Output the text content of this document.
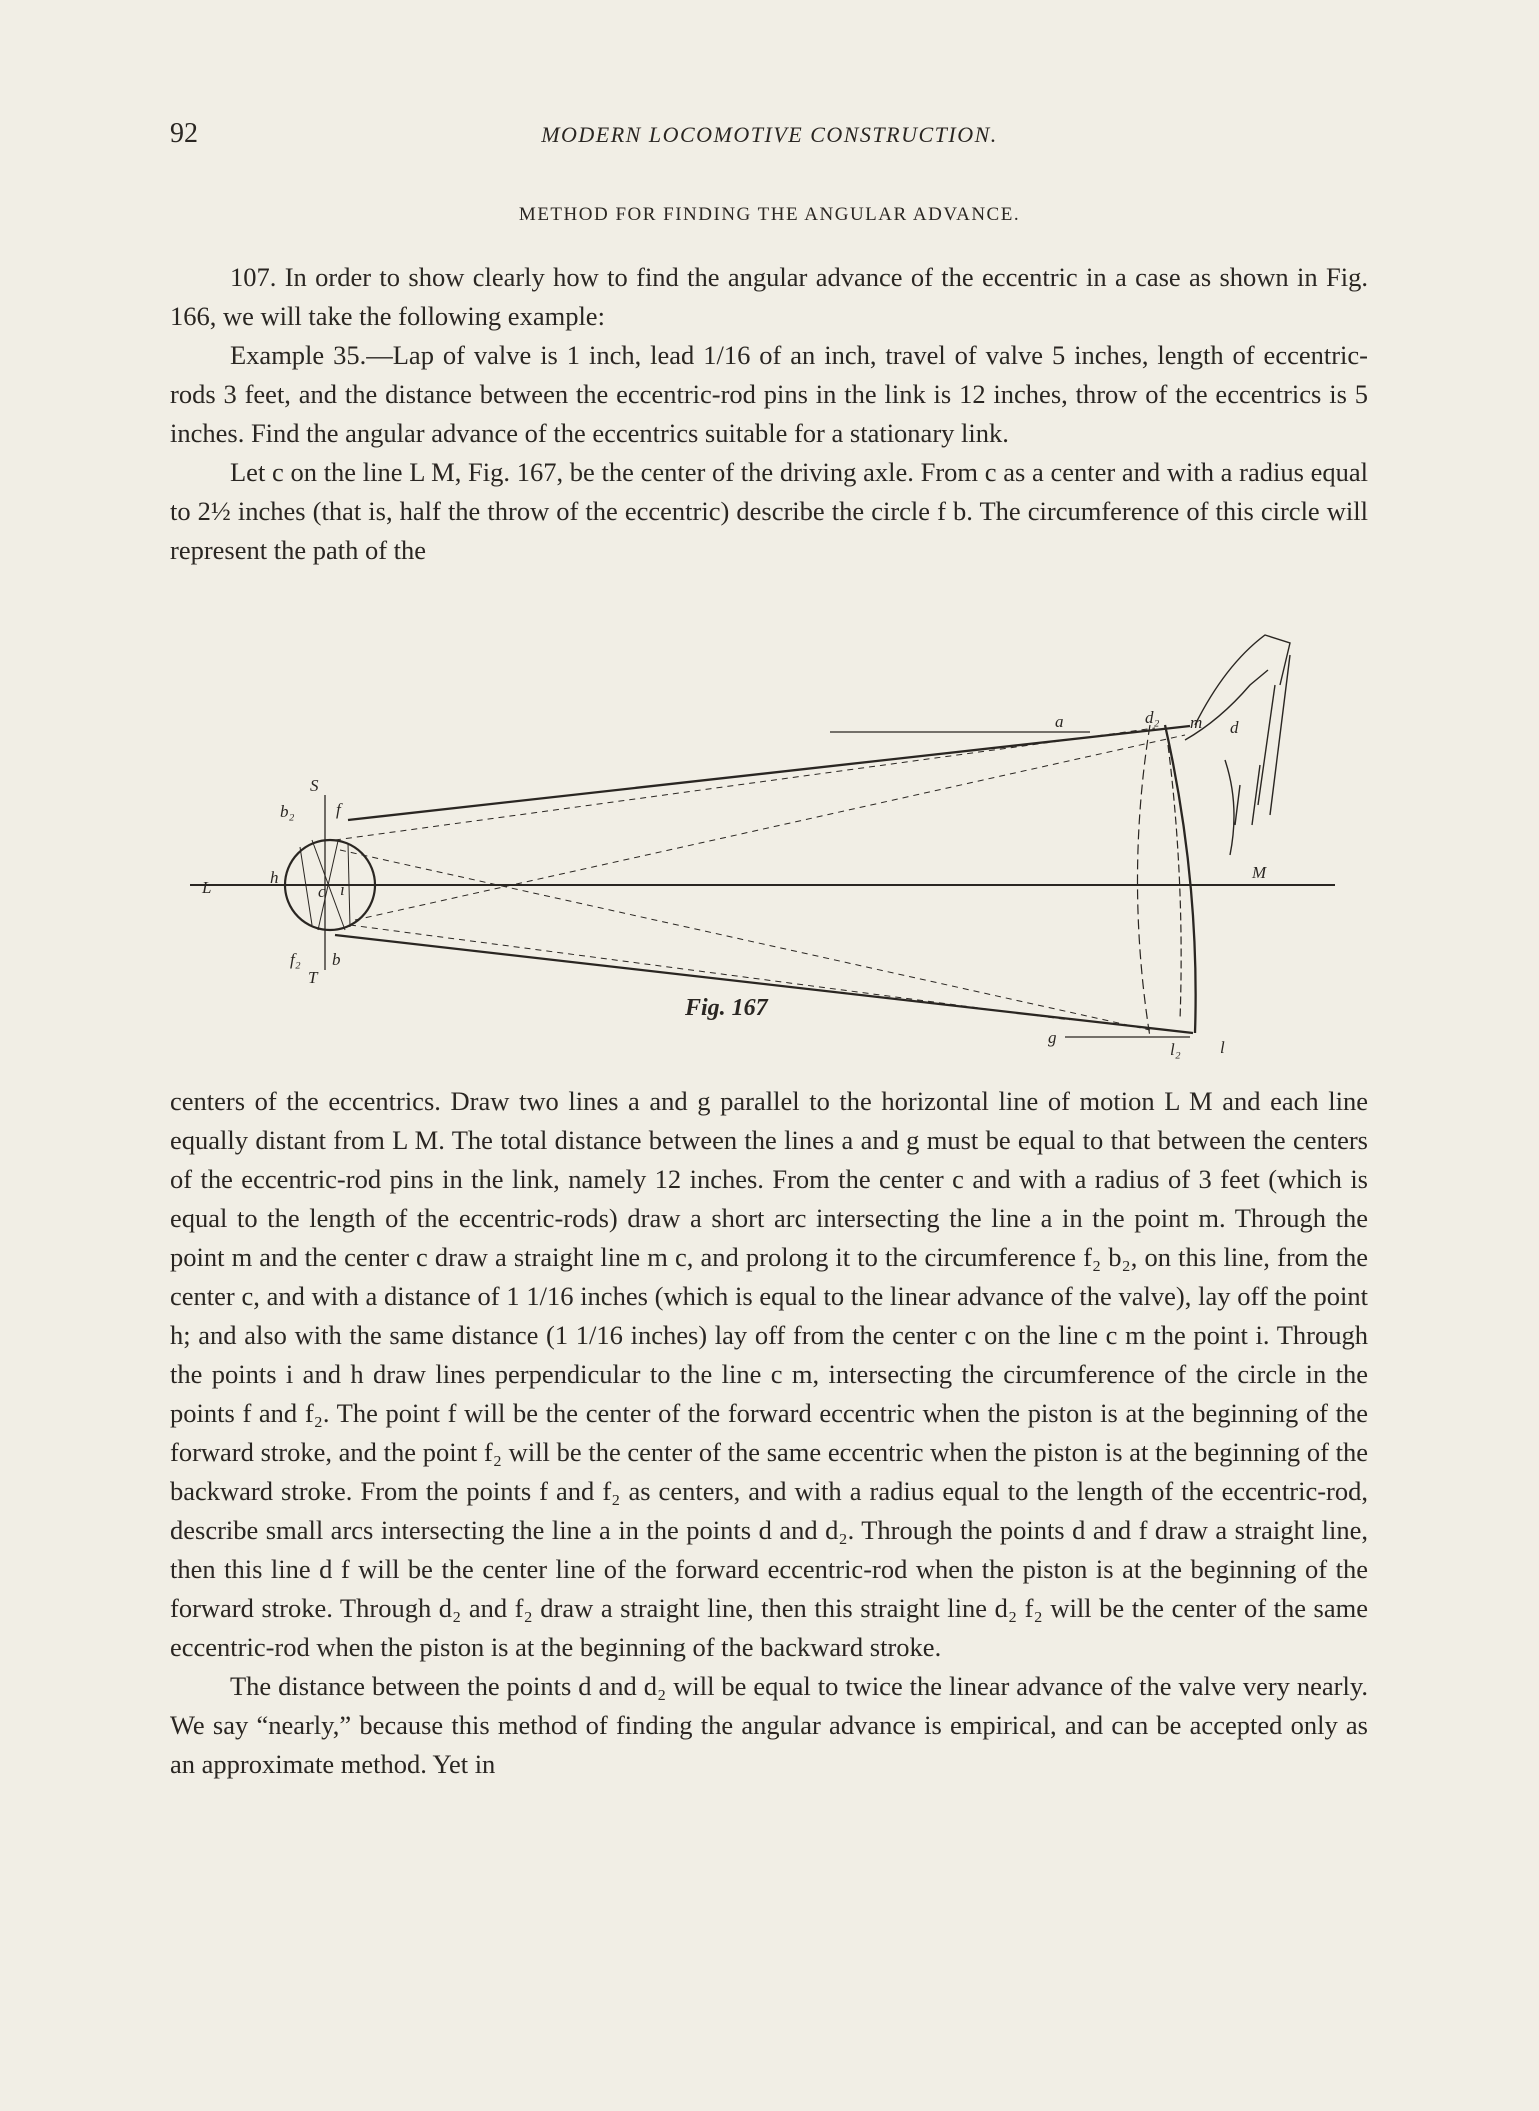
92	MODERN LOCOMOTIVE CONSTRUCTION.
METHOD FOR FINDING THE ANGULAR ADVANCE.

107. In order to show clearly how to find the angular advance of the eccentric in a case as shown in Fig. 166, we will take the following example:

Example 35.—Lap of valve is 1 inch, lead 1/16 of an inch, travel of valve 5 inches, length of eccentric-rods 3 feet, and the distance between the eccentric-rod pins in the link is 12 inches, throw of the eccentrics is 5 inches. Find the angular advance of the eccentrics suitable for a stationary link.

Let c on the line L M, Fig. 167, be the center of the driving axle. From c as a center and with a radius equal to 2½ inches (that is, half the throw of the eccentric) describe the circle f b. The circumference of this circle will represent the path of the

a	d₂ m d
S
b₂ f
L
h
c i
f₂ b
T
M
g
l₂ l
Fig. 167

centers of the eccentrics. Draw two lines a and g parallel to the horizontal line of motion L M and each line equally distant from L M. The total distance between the lines a and g must be equal to that between the centers of the eccentric-rod pins in the link, namely 12 inches. From the center c and with a radius of 3 feet (which is equal to the length of the eccentric-rods) draw a short arc intersecting the line a in the point m. Through the point m and the center c draw a straight line m c, and prolong it to the circumference f₂ b₂, on this line, from the center c, and with a distance of 1 1/16 inches (which is equal to the linear advance of the valve), lay off the point h; and also with the same distance (1 1/16 inches) lay off from the center c on the line c m the point i. Through the points i and h draw lines perpendicular to the line c m, intersecting the circumference of the circle in the points f and f₂. The point f will be the center of the forward eccentric when the piston is at the beginning of the forward stroke, and the point f₂ will be the center of the same eccentric when the piston is at the beginning of the backward stroke. From the points f and f₂ as centers, and with a radius equal to the length of the eccentric-rod, describe small arcs intersecting the line a in the points d and d₂. Through the points d and f draw a straight line, then this line d f will be the center line of the forward eccentric-rod when the piston is at the beginning of the forward stroke. Through d₂ and f₂ draw a straight line, then this straight line d₂ f₂ will be the center of the same eccentric-rod when the piston is at the beginning of the backward stroke.

The distance between the points d and d₂ will be equal to twice the linear advance of the valve very nearly. We say “nearly,” because this method of finding the angular advance is empirical, and can be accepted only as an approximate method. Yet in
